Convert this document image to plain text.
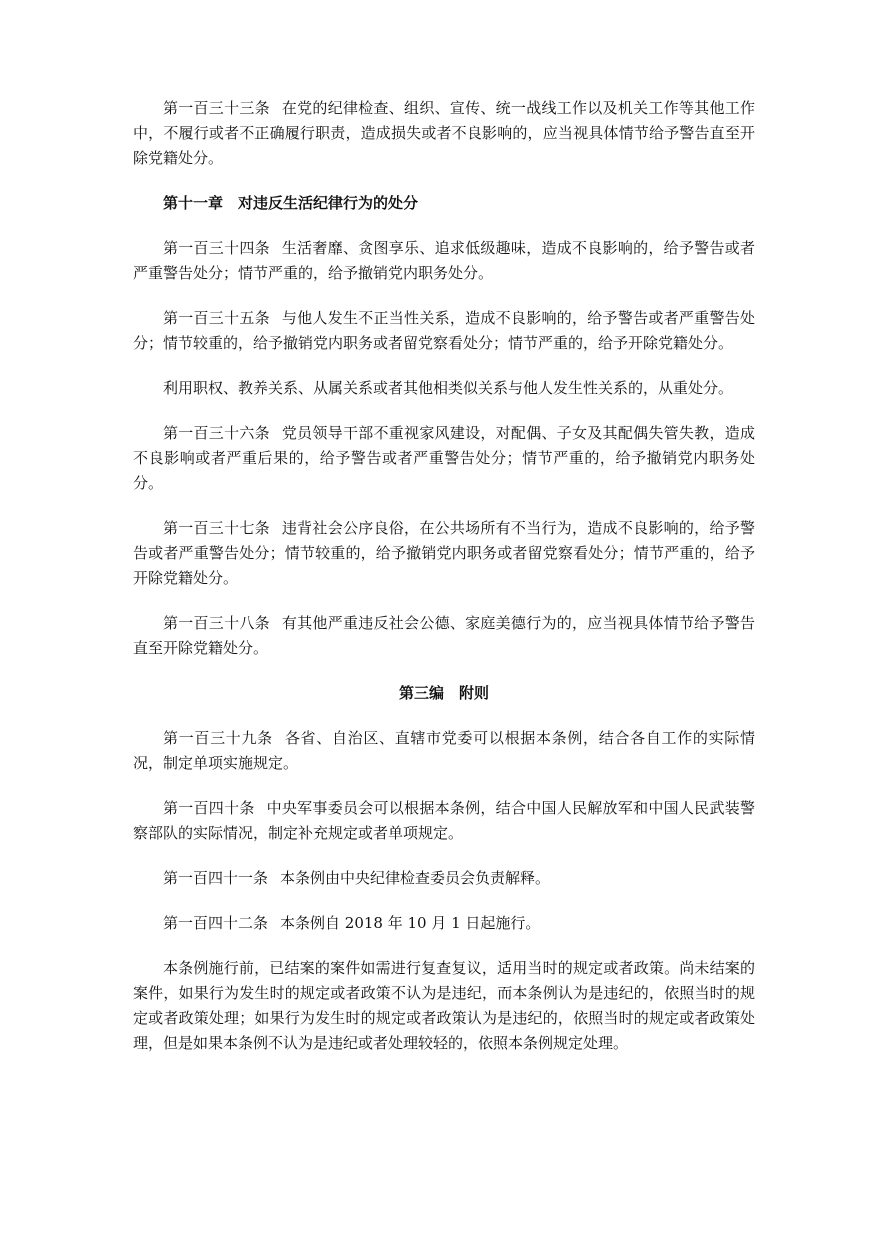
第一百三十三条 在党的纪律检查、组织、宣传、统一战线工作以及机关工作等其他工作中，不履行或者不正确履行职责，造成损失或者不良影响的，应当视具体情节给予警告直至开除党籍处分。

第十一章 对违反生活纪律行为的处分

第一百三十四条 生活奢靡、贪图享乐、追求低级趣味，造成不良影响的，给予警告或者严重警告处分；情节严重的，给予撤销党内职务处分。

第一百三十五条 与他人发生不正当性关系，造成不良影响的，给予警告或者严重警告处分；情节较重的，给予撤销党内职务或者留党察看处分；情节严重的，给予开除党籍处分。

利用职权、教养关系、从属关系或者其他相类似关系与他人发生性关系的，从重处分。

第一百三十六条 党员领导干部不重视家风建设，对配偶、子女及其配偶失管失教，造成不良影响或者严重后果的，给予警告或者严重警告处分；情节严重的，给予撤销党内职务处分。

第一百三十七条 违背社会公序良俗，在公共场所有不当行为，造成不良影响的，给予警告或者严重警告处分；情节较重的，给予撤销党内职务或者留党察看处分；情节严重的，给予开除党籍处分。

第一百三十八条 有其他严重违反社会公德、家庭美德行为的，应当视具体情节给予警告直至开除党籍处分。

第三编 附则

第一百三十九条 各省、自治区、直辖市党委可以根据本条例，结合各自工作的实际情况，制定单项实施规定。

第一百四十条 中央军事委员会可以根据本条例，结合中国人民解放军和中国人民武装警察部队的实际情况，制定补充规定或者单项规定。

第一百四十一条 本条例由中央纪律检查委员会负责解释。

第一百四十二条 本条例自 2018 年 10 月 1 日起施行。

本条例施行前，已结案的案件如需进行复查复议，适用当时的规定或者政策。尚未结案的案件，如果行为发生时的规定或者政策不认为是违纪，而本条例认为是违纪的，依照当时的规定或者政策处理；如果行为发生时的规定或者政策认为是违纪的，依照当时的规定或者政策处理，但是如果本条例不认为是违纪或者处理较轻的，依照本条例规定处理。
